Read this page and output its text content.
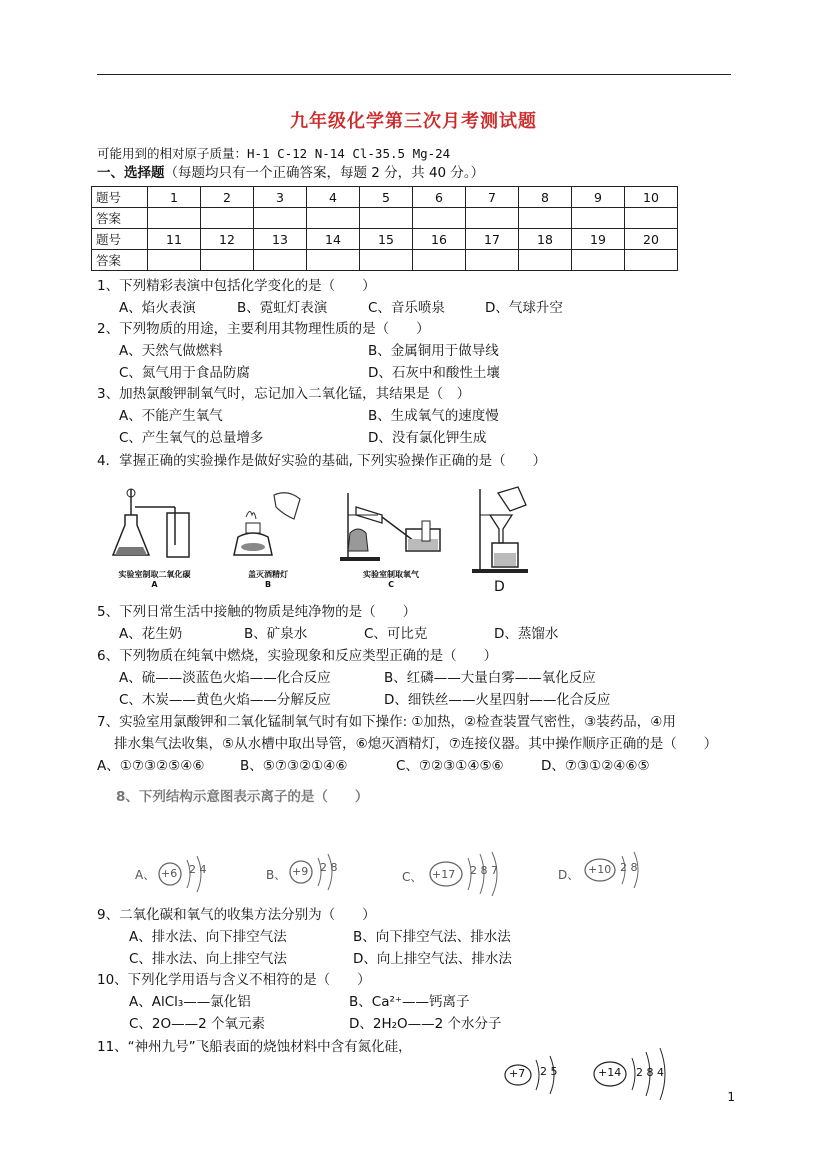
九年级化学第三次月考测试题
可能用到的相对原子质量：H-1 C-12 N-14 Cl-35.5 Mg-24
一、选择题（每题均只有一个正确答案，每题 2 分，共 40 分。）
题号	1	2	3	4	5	6	7	8	9	10
答案										
题号	11	12	13	14	15	16	17	18	19	20
答案										
1、下列精彩表演中包括化学变化的是（　　）
A、焰火表演	B、霓虹灯表演	C、音乐喷泉	D、气球升空
2、下列物质的用途，主要利用其物理性质的是（　　）
A、天然气做燃料	B、金属铜用于做导线
C、氮气用于食品防腐	D、石灰中和酸性土壤
3、加热氯酸钾制氧气时，忘记加入二氧化锰，其结果是（　）
A、不能产生氧气	B、生成氧气的速度慢
C、产生氧气的总量增多	D、没有氯化钾生成
4．掌握正确的实验操作是做好实验的基础, 下列实验操作正确的是（　　）
实验室制取二氧化碳
A
盖灭酒精灯
B
实验室制取氧气
C	D
5、下列日常生活中接触的物质是纯净物的是（　　）
A、花生奶	B、矿泉水	C、可比克	D、蒸馏水
6、下列物质在纯氧中燃烧，实验现象和反应类型正确的是（　　）
A、硫——淡蓝色火焰——化合反应	B、红磷——大量白雾——氧化反应
C、木炭——黄色火焰——分解反应	D、细铁丝——火星四射——化合反应
7、实验室用氯酸钾和二氧化锰制氧气时有如下操作: ①加热，②检查装置气密性，③装药品，④用
排水集气法收集，⑤从水槽中取出导管，⑥熄灭酒精灯，⑦连接仪器。其中操作顺序正确的是（　　）
A、①⑦③②⑤④⑥	B、⑤⑦③②①④⑥	C、⑦②③①④⑤⑥	D、⑦③①②④⑥⑤
8、下列结构示意图表示离子的是（　　）
A、 +6 2 4	B、 +9 2 8
C、 +17 2 8 7	D、 +10 2 8
9、二氧化碳和氧气的收集方法分别为（　　）
A、排水法、向下排空气法	B、向下排空气法、排水法
C、排水法、向上排空气法	D、向上排空气法、排水法
10、下列化学用语与含义不相符的是（　　）
A、AlCl₃——氯化铝	B、Ca²⁺——钙离子
C、2O——2 个氧元素	D、2H₂O——2 个水分子
11、“神州九号”飞船表面的烧蚀材料中含有氮化硅，
+7 2 5	+14 2 8 4
1
